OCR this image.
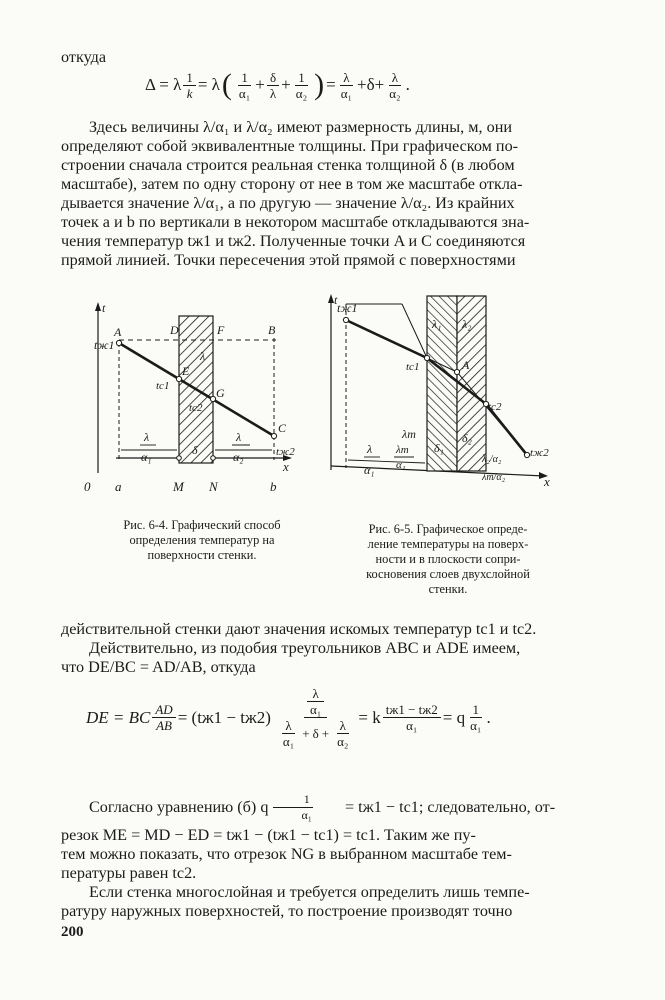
откуда
Δ = λ $\frac{1}{k} = \lambda$ ( $\frac{1}{\text{α₁}} + \frac{\delta}{\lambda} + \frac{1}{\text{α₂}}$ ) = $\frac{\lambda}{\text{α₁}} + \delta + \frac{\lambda}{\text{α₂}}$ .
Здесь величины λ/α₁ и λ/α₂ имеют размерность длины, м, они
определяют собой эквивалентные толщины. При графическом по-
строении сначала строится реальная стенка толщиной δ (в любом
масштабе), затем по одну сторону от нее в том же масштабе откла-
дывается значение λ/α₁, а по другую — значение λ/α₂. Из крайних
точек a и b по вертикали в некотором масштабе откладываются зна-
чения температур tж1 и tж2. Полученные точки A и C соединяются
прямой линией. Точки пересечения этой прямой с поверхностями
t
x
A	D	F	B
tж1
λ
E
tc1	G
tc2
C
tж2
λ
α₁	δ
λ
α₂
0 a	M N	b
t
x
tж1
λ₁ λ₂
tc1	A
tc2
tж2
λm
δ₁
δ₂
λ
α₁
λm
α₁	λ₂/α₂
λm/α₂
Рис. 6-4. Графический способ
определения температур на
поверхности стенки.
Рис. 6-5. Графическое опреде-
ление температуры на поверх-
ности и в плоскости сопри-
косновения слоев двухслойной
стенки.
действительной стенки дают значения искомых температур tc1 и tc2.
Действительно, из подобия треугольников ABC и ADE имеем,
что DE/BC = AD/AB, откуда
DE = BC $\frac{AD}{AB} = (tж1 - tж2)$ λ
α₁
$\frac{\lambda}{\text{α₁}} + \delta + \frac{\lambda}{\text{α₂}} = k \frac{tж1 - tж2}{\text{α₁}} = q \frac{1}{\text{α₁}}$ .
Согласно уравнению (б) q $\frac{1}{\text{α₁}}$	= tж1 − tc1; следовательно, от-
резок ME = MD − ED = tж1 − (tж1 − tc1) = tc1. Таким же пу-
тем можно показать, что отрезок NG в выбранном масштабе тем-
пературы равен tc2.
Если стенка многослойная и требуется определить лишь темпе-
ратуру наружных поверхностей, то построение производят точно
200
